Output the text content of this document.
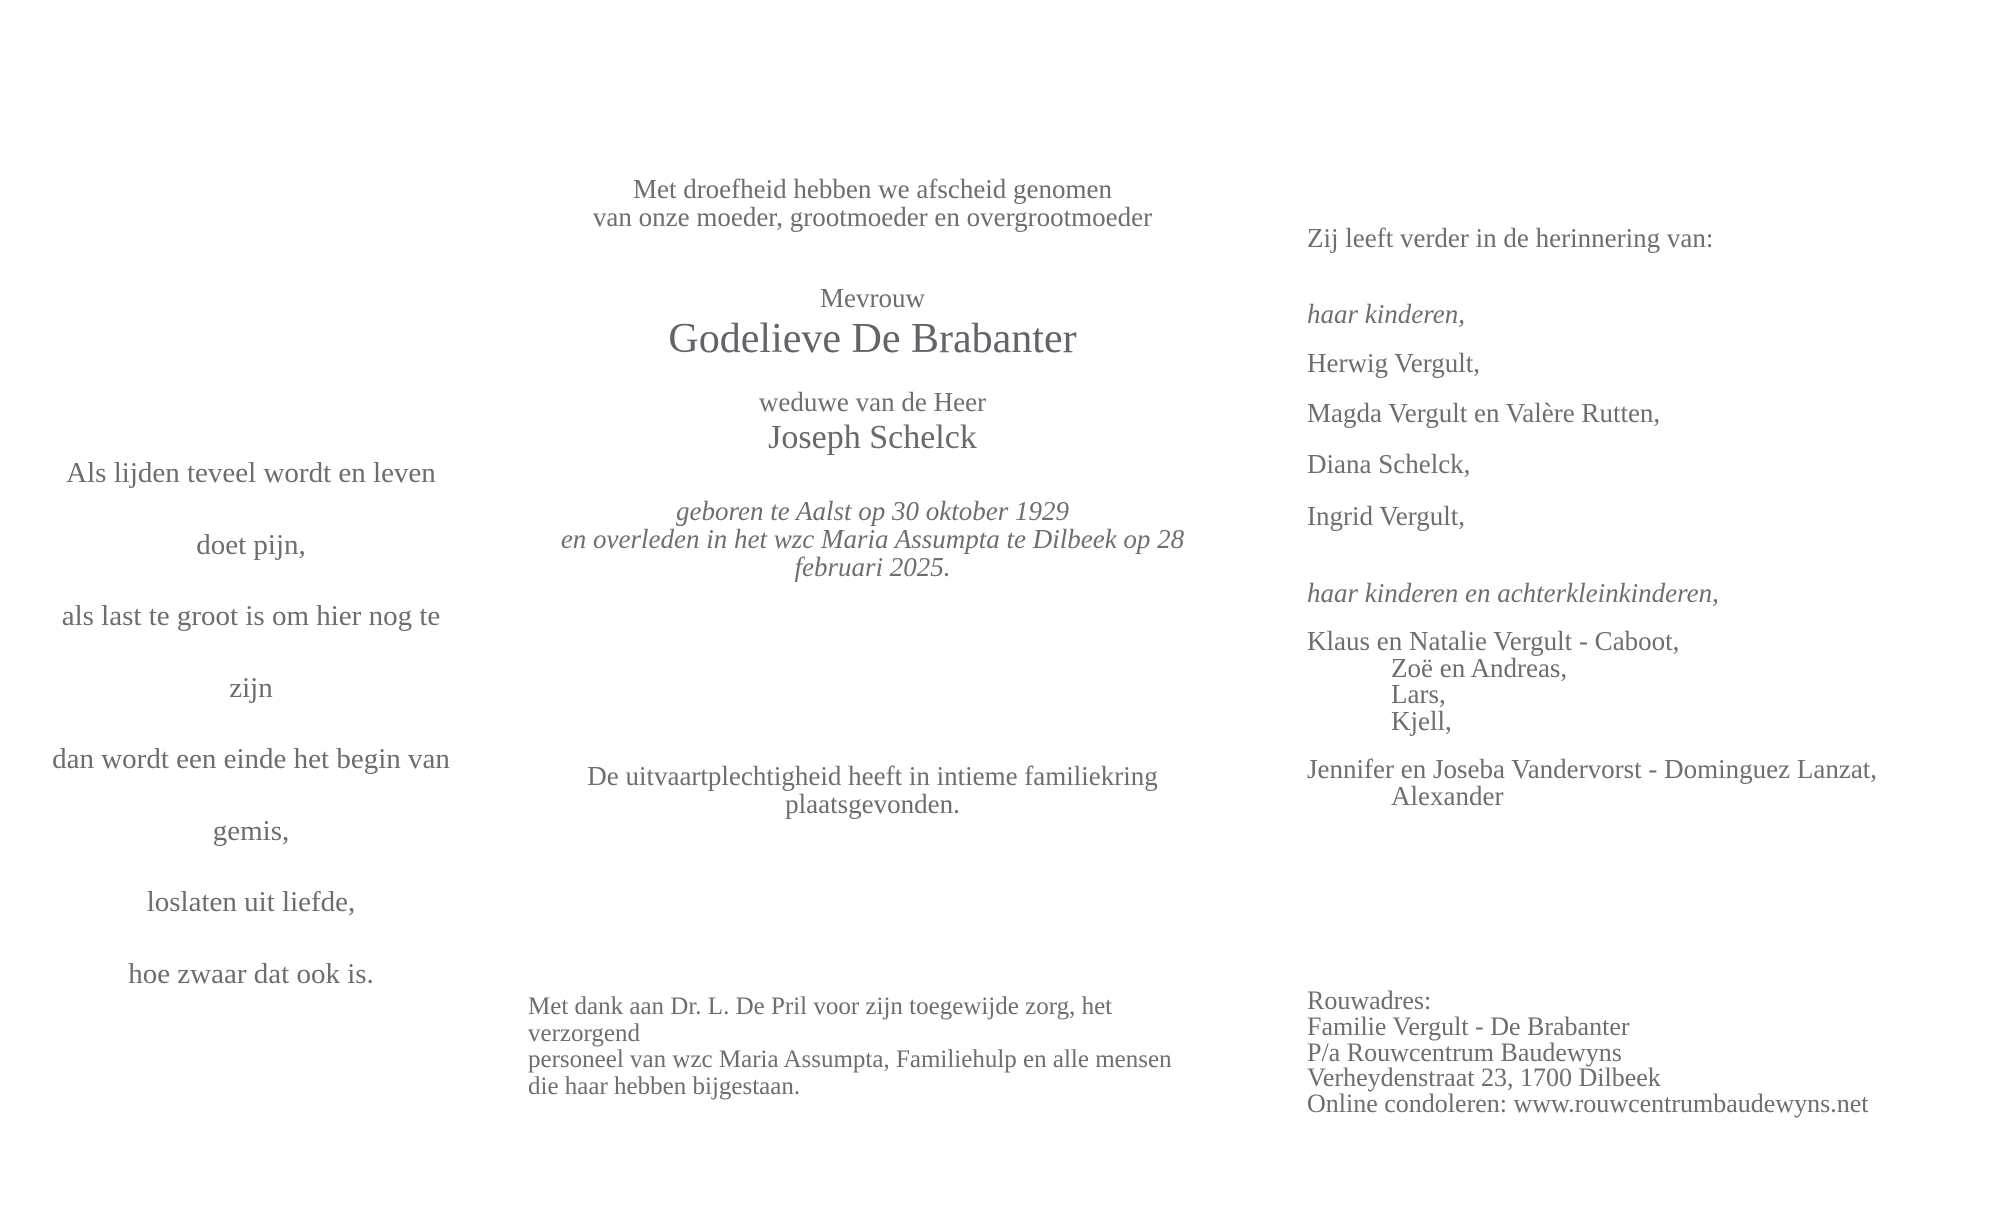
Als lijden teveel wordt en leven doet pijn,
als last te groot is om hier nog te zijn
dan wordt een einde het begin van gemis,
loslaten uit liefde,
hoe zwaar dat ook is.
Met droefheid hebben we afscheid genomen
van onze moeder, grootmoeder en overgrootmoeder
Mevrouw
Godelieve De Brabanter
weduwe van de Heer
Joseph Schelck
geboren te Aalst op 30 oktober 1929
en overleden in het wzc Maria Assumpta te Dilbeek op 28 februari 2025.
De uitvaartplechtigheid heeft in intieme familiekring plaatsgevonden.
Met dank aan Dr. L. De Pril voor zijn toegewijde zorg, het verzorgend
personeel van wzc Maria Assumpta, Familiehulp en alle mensen
die haar hebben bijgestaan.
Zij leeft verder in de herinnering van:
haar kinderen,
Herwig Vergult,
Magda Vergult en Valère Rutten,
Diana Schelck,
Ingrid Vergult,
haar kinderen en achterkleinkinderen,
Klaus en Natalie Vergult - Caboot,
Zoë en Andreas,
Lars,
Kjell,
Jennifer en Joseba Vandervorst - Dominguez Lanzat,
Alexander
Rouwadres:
Familie Vergult - De Brabanter
P/a Rouwcentrum Baudewyns
Verheydenstraat 23, 1700 Dilbeek
Online condoleren: www.rouwcentrumbaudewyns.net
